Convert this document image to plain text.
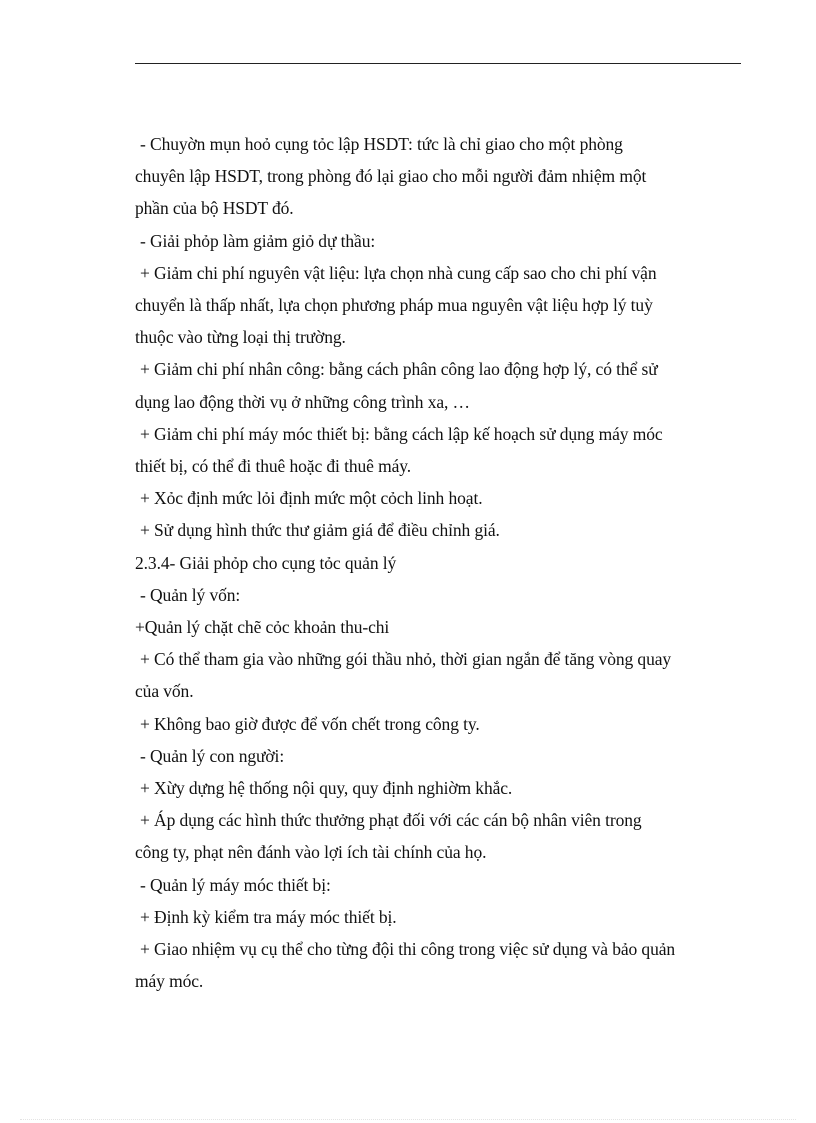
- Chuyờn mụn hoỏ cụng tỏc lập HSDT: tức là chỉ giao cho một phòng
chuyên lập HSDT, trong phòng đó lại giao cho mỗi người đảm nhiệm một
phần của bộ HSDT đó.
- Giải phỏp làm giảm giỏ dự thầu:
+ Giảm chi phí nguyên vật liệu: lựa chọn nhà cung cấp sao cho chi phí vận
chuyển là thấp nhất, lựa chọn phương pháp mua nguyên vật liệu hợp lý tuỳ
thuộc vào từng loại thị trường.
+ Giảm chi phí nhân công: bằng cách phân công lao động hợp lý, có thể sử
dụng lao động thời vụ ở những công trình xa, …
+ Giảm chi phí máy móc thiết bị: bằng cách lập kế hoạch sử dụng máy móc
thiết bị, có thể đi thuê hoặc đi thuê máy.
+ Xỏc định mức lỏi định mức một cỏch linh hoạt.
+ Sử dụng hình thức thư giảm giá để điều chỉnh giá.
2.3.4- Giải phỏp cho cụng tỏc quản lý
- Quản lý vốn:
+Quản lý chặt chẽ cỏc khoản thu-chi
+ Có thể tham gia vào những gói thầu nhỏ, thời gian ngắn để tăng vòng quay
của vốn.
+ Không bao giờ được để vốn chết trong công ty.
- Quản lý con người:
+ Xừy dựng hệ thống nội quy, quy định nghiờm khắc.
+ Áp dụng các hình thức thưởng phạt đối với các cán bộ nhân viên trong
công ty, phạt nên đánh vào lợi ích tài chính của họ.
- Quản lý máy móc thiết bị:
+ Định kỳ kiểm tra máy móc thiết bị.
+ Giao nhiệm vụ cụ thể cho từng đội thi công trong việc sử dụng và bảo quản
máy móc.
